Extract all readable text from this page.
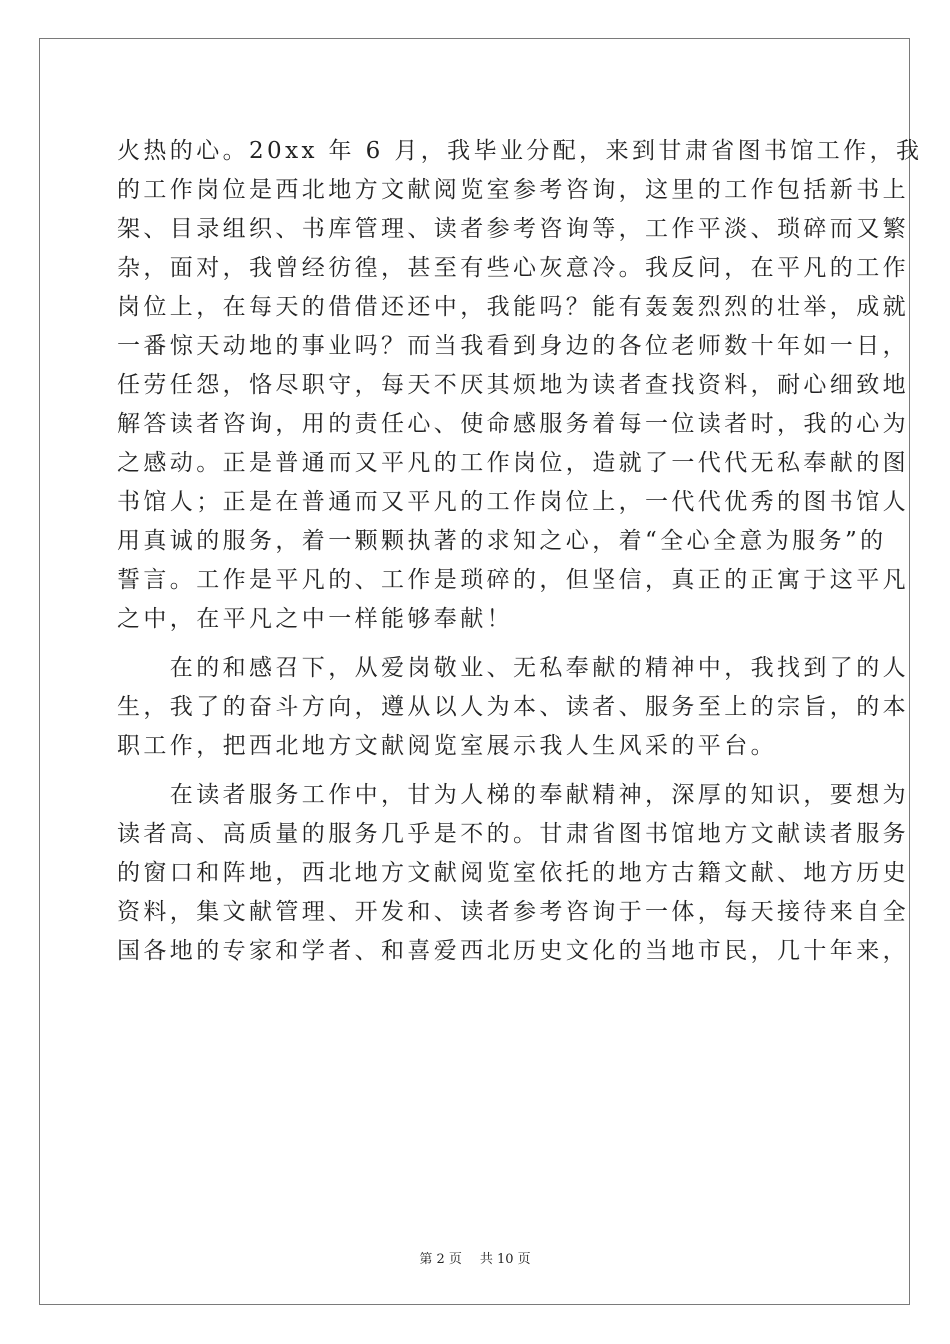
火热的心。20xx 年 6 月，我毕业分配，来到甘肃省图书馆工作，我

的工作岗位是西北地方文献阅览室参考咨询，这里的工作包括新书上

架、目录组织、书库管理、读者参考咨询等，工作平淡、琐碎而又繁

杂，面对，我曾经彷徨，甚至有些心灰意冷。我反问，在平凡的工作

岗位上，在每天的借借还还中，我能吗？能有轰轰烈烈的壮举，成就

一番惊天动地的事业吗？而当我看到身边的各位老师数十年如一日，

任劳任怨，恪尽职守，每天不厌其烦地为读者查找资料，耐心细致地

解答读者咨询，用的责任心、使命感服务着每一位读者时，我的心为

之感动。正是普通而又平凡的工作岗位，造就了一代代无私奉献的图

书馆人；正是在普通而又平凡的工作岗位上，一代代优秀的图书馆人

用真诚的服务，着一颗颗执著的求知之心，着“全心全意为服务”的

誓言。工作是平凡的、工作是琐碎的，但坚信，真正的正寓于这平凡

之中，在平凡之中一样能够奉献！

　　在的和感召下，从爱岗敬业、无私奉献的精神中，我找到了的人

生，我了的奋斗方向，遵从以人为本、读者、服务至上的宗旨，的本

职工作，把西北地方文献阅览室展示我人生风采的平台。

　　在读者服务工作中，甘为人梯的奉献精神，深厚的知识，要想为

读者高、高质量的服务几乎是不的。甘肃省图书馆地方文献读者服务

的窗口和阵地，西北地方文献阅览室依托的地方古籍文献、地方历史

资料，集文献管理、开发和、读者参考咨询于一体，每天接待来自全

国各地的专家和学者、和喜爱西北历史文化的当地市民，几十年来，

第 2 页 共 10 页
